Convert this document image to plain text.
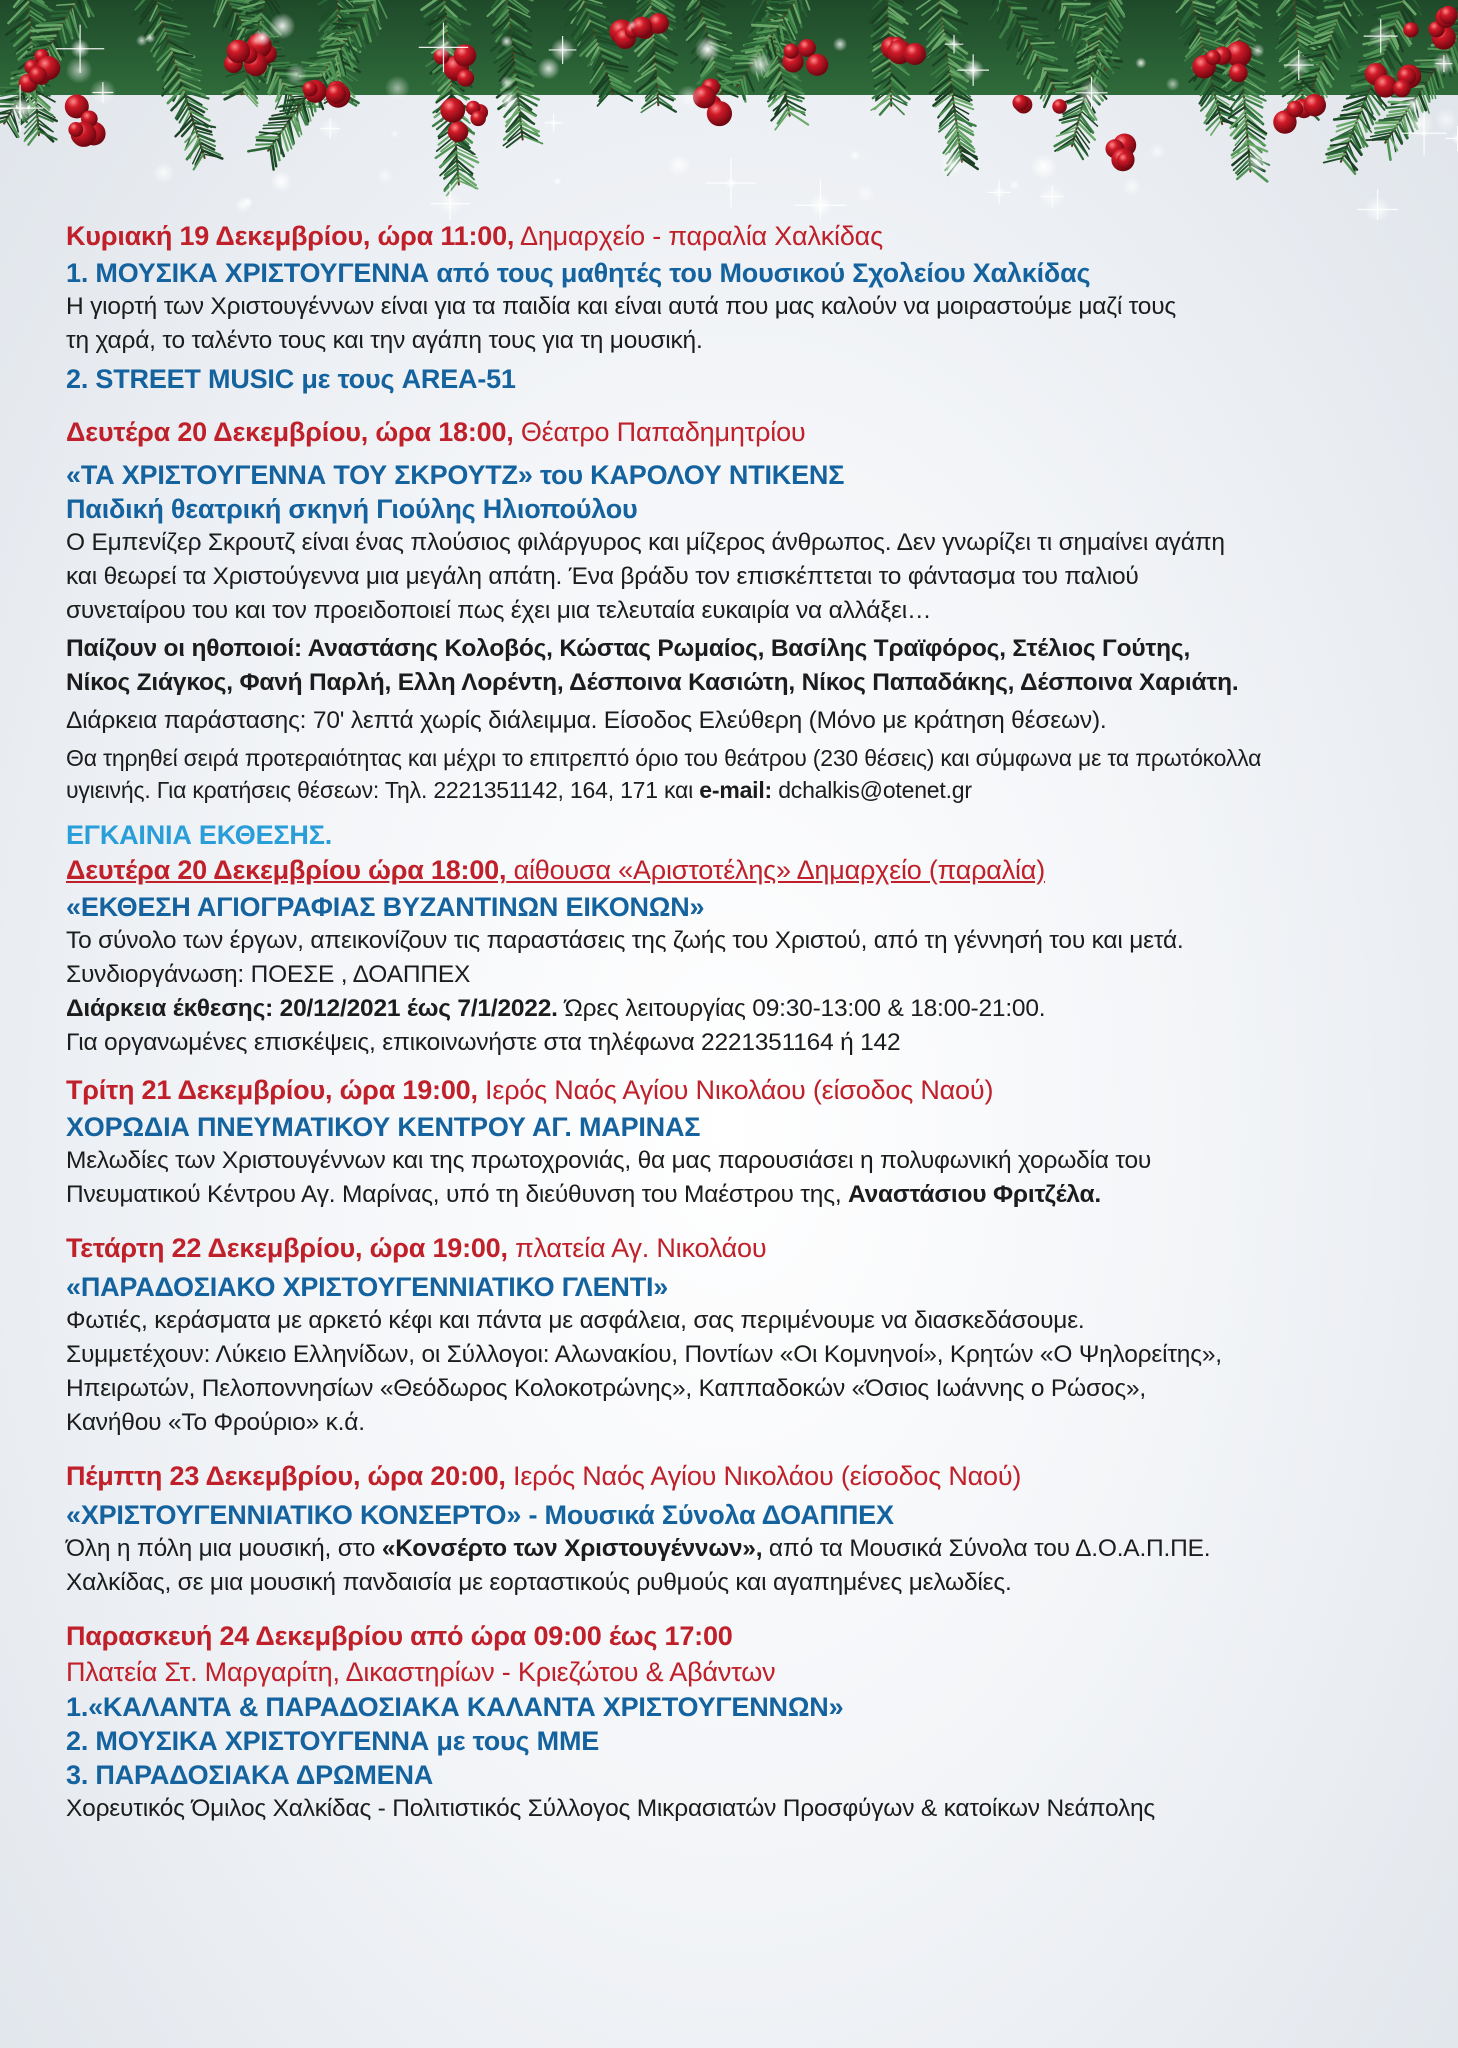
Κυριακή 19 Δεκεμβρίου, ώρα 11:00, Δημαρχείο - παραλία Χαλκίδας
1. ΜΟΥΣΙΚΑ ΧΡΙΣΤΟΥΓΕΝΝΑ από τους μαθητές του Μουσικού Σχολείου Χαλκίδας
Η γιορτή των Χριστουγέννων είναι για τα παιδία και είναι αυτά που μας καλούν να μοιραστούμε μαζί τους
τη χαρά, το ταλέντο τους και την αγάπη τους για τη μουσική.
2. STREET MUSIC με τους AREA-51
Δευτέρα 20 Δεκεμβρίου, ώρα 18:00, Θέατρο Παπαδημητρίου
«ΤΑ ΧΡΙΣΤΟΥΓΕΝΝΑ ΤΟΥ ΣΚΡΟΥΤΖ» του ΚΑΡΟΛΟΥ ΝΤΙΚΕΝΣ
Παιδική θεατρική σκηνή Γιούλης Ηλιοπούλου
Ο Εμπενίζερ Σκρουτζ είναι ένας πλούσιος φιλάργυρος και μίζερος άνθρωπος. Δεν γνωρίζει τι σημαίνει αγάπη
και θεωρεί τα Χριστούγεννα μια μεγάλη απάτη. Ένα βράδυ τον επισκέπτεται το φάντασμα του παλιού
συνεταίρου του και τον προειδοποιεί πως έχει μια τελευταία ευκαιρία να αλλάξει…
Παίζουν οι ηθοποιοί: Αναστάσης Κολοβός, Κώστας Ρωμαίος, Βασίλης Τραϊφόρος, Στέλιος Γούτης,
Νίκος Ζιάγκος, Φανή Παρλή, Ελλη Λορέντη, Δέσποινα Κασιώτη, Νίκος Παπαδάκης, Δέσποινα Χαριάτη.
Διάρκεια παράστασης: 70' λεπτά χωρίς διάλειμμα. Είσοδος Ελεύθερη (Μόνο με κράτηση θέσεων).
Θα τηρηθεί σειρά προτεραιότητας και μέχρι το επιτρεπτό όριο του θεάτρου (230 θέσεις) και σύμφωνα με τα πρωτόκολλα
υγιεινής. Για κρατήσεις θέσεων: Τηλ. 2221351142, 164, 171 και e-mail: dchalkis@otenet.gr
ΕΓΚΑΙΝΙΑ ΕΚΘΕΣΗΣ.
Δευτέρα 20 Δεκεμβρίου ώρα 18:00, αίθουσα «Αριστοτέλης» Δημαρχείο (παραλία)
«ΕΚΘΕΣΗ ΑΓΙΟΓΡΑΦΙΑΣ ΒΥΖΑΝΤΙΝΩΝ ΕΙΚΟΝΩΝ»
Το σύνολο των έργων, απεικονίζουν τις παραστάσεις της ζωής του Χριστού, από τη γέννησή του και μετά.
Συνδιοργάνωση: ΠΟΕΣΕ , ΔΟΑΠΠΕΧ
Διάρκεια έκθεσης: 20/12/2021 έως 7/1/2022. Ώρες λειτουργίας 09:30-13:00 & 18:00-21:00.
Για οργανωμένες επισκέψεις, επικοινωνήστε στα τηλέφωνα 2221351164 ή 142
Τρίτη 21 Δεκεμβρίου, ώρα 19:00, Ιερός Ναός Αγίου Νικολάου (είσοδος Ναού)
ΧΟΡΩΔΙΑ ΠΝΕΥΜΑΤΙΚΟΥ ΚΕΝΤΡΟΥ ΑΓ. ΜΑΡΙΝΑΣ
Μελωδίες των Χριστουγέννων και της πρωτοχρονιάς, θα μας παρουσιάσει η πολυφωνική χορωδία του
Πνευματικού Κέντρου Αγ. Μαρίνας, υπό τη διεύθυνση του Μαέστρου της, Αναστάσιου Φριτζέλα.
Τετάρτη 22 Δεκεμβρίου, ώρα 19:00, πλατεία Αγ. Νικολάου
«ΠΑΡΑΔΟΣΙΑΚΟ ΧΡΙΣΤΟΥΓΕΝΝΙΑΤΙΚΟ ΓΛΕΝΤΙ»
Φωτιές, κεράσματα με αρκετό κέφι και πάντα με ασφάλεια, σας περιμένουμε να διασκεδάσουμε.
Συμμετέχουν: Λύκειο Ελληνίδων, οι Σύλλογοι: Αλωνακίου, Ποντίων «Οι Κομνηνοί», Κρητών «Ο Ψηλορείτης»,
Ηπειρωτών, Πελοποννησίων «Θεόδωρος Κολοκοτρώνης», Καππαδοκών «Όσιος Ιωάννης ο Ρώσος»,
Κανήθου «Το Φρούριο» κ.ά.
Πέμπτη 23 Δεκεμβρίου, ώρα 20:00, Ιερός Ναός Αγίου Νικολάου (είσοδος Ναού)
«ΧΡΙΣΤΟΥΓΕΝΝΙΑΤΙΚΟ ΚΟΝΣΕΡΤΟ» - Μουσικά Σύνολα ΔΟΑΠΠΕΧ
Όλη η πόλη μια μουσική, στο «Κονσέρτο των Χριστουγέννων», από τα Μουσικά Σύνολα του Δ.Ο.Α.Π.ΠΕ.
Χαλκίδας, σε μια μουσική πανδαισία με εορταστικούς ρυθμούς και αγαπημένες μελωδίες.
Παρασκευή 24 Δεκεμβρίου από ώρα 09:00 έως 17:00
Πλατεία Στ. Μαργαρίτη, Δικαστηρίων - Κριεζώτου & Αβάντων
1.«ΚΑΛΑΝΤΑ & ΠΑΡΑΔΟΣΙΑΚΑ ΚΑΛΑΝΤΑ ΧΡΙΣΤΟΥΓΕΝΝΩΝ»
2. ΜΟΥΣΙΚΑ ΧΡΙΣΤΟΥΓΕΝΝΑ με τους ΜΜΕ
3. ΠΑΡΑΔΟΣΙΑΚΑ ΔΡΩΜΕΝΑ
Χορευτικός Όμιλος Χαλκίδας - Πολιτιστικός Σύλλογος Μικρασιατών Προσφύγων & κατοίκων Νεάπολης
